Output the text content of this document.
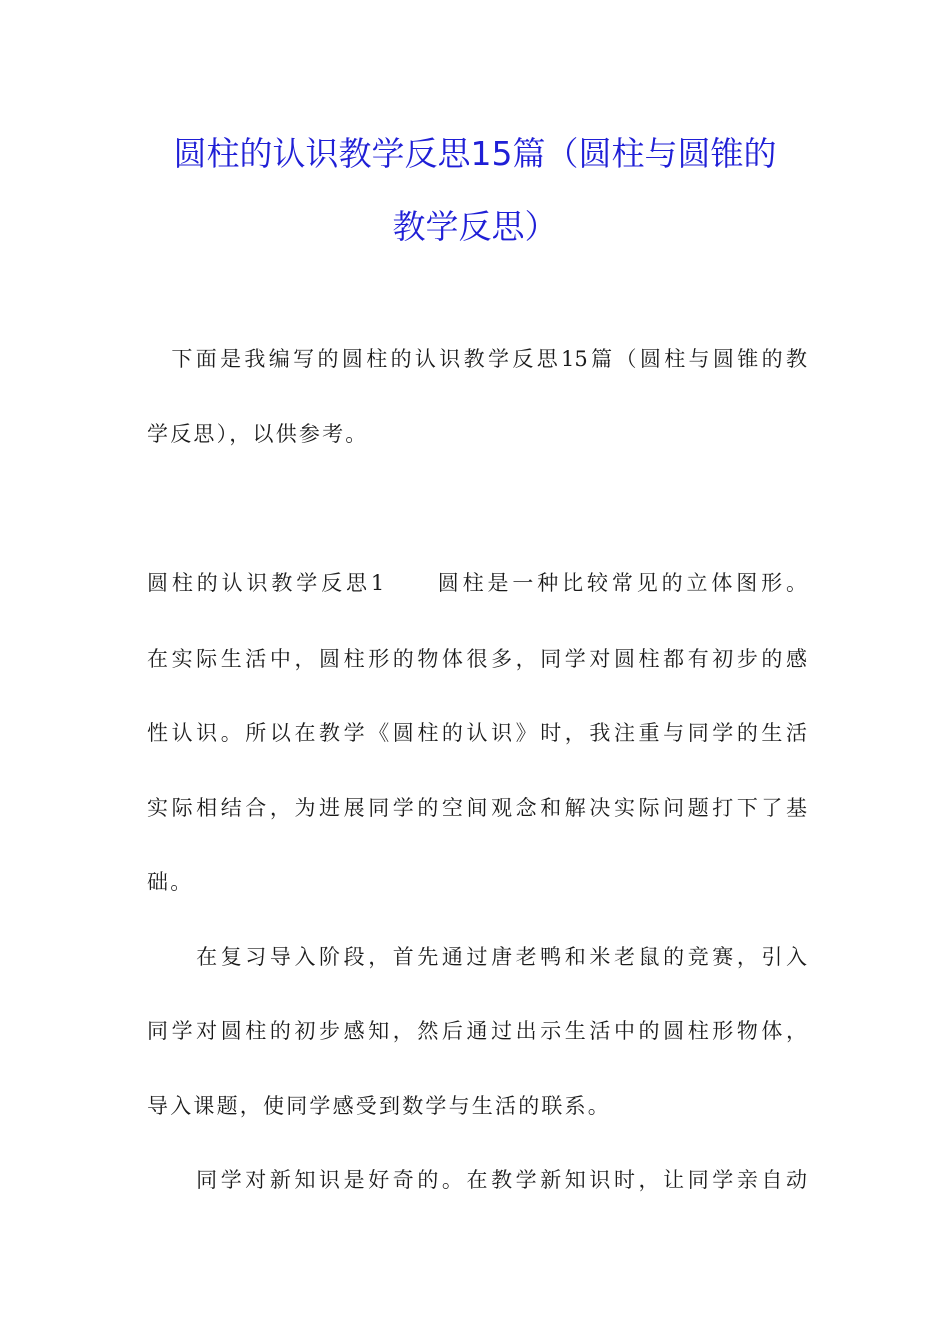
圆柱的认识教学反思15篇（圆柱与圆锥的
教学反思）
　下面是我编写的圆柱的认识教学反思15篇（圆柱与圆锥的教
学反思），以供参考。
圆柱的认识教学反思1　　圆柱是一种比较常见的立体图形。
在实际生活中，圆柱形的物体很多，同学对圆柱都有初步的感
性认识。所以在教学《圆柱的认识》时，我注重与同学的生活
实际相结合，为进展同学的空间观念和解决实际问题打下了基
础。
　　在复习导入阶段，首先通过唐老鸭和米老鼠的竞赛，引入
同学对圆柱的初步感知，然后通过出示生活中的圆柱形物体，
导入课题，使同学感受到数学与生活的联系。
　　同学对新知识是好奇的。在教学新知识时，让同学亲自动
